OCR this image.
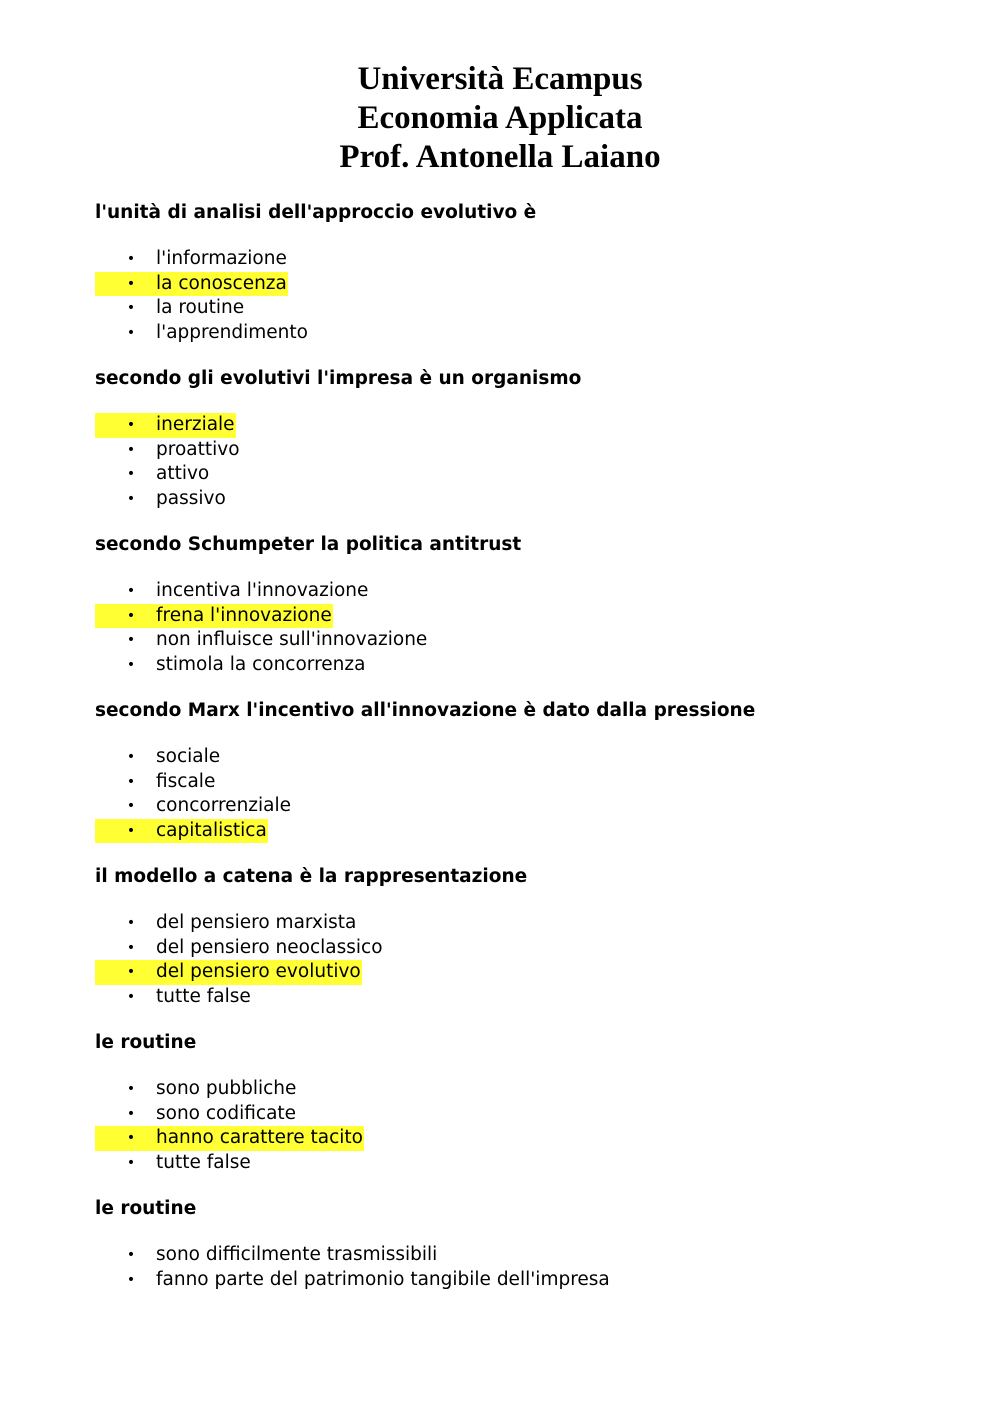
Università Ecampus
Economia Applicata
Prof. Antonella Laiano

l'unità di analisi dell'approccio evolutivo è

• l'informazione
• la conoscenza
• la routine
• l'apprendimento

secondo gli evolutivi l'impresa è un organismo

• inerziale
• proattivo
• attivo
• passivo

secondo Schumpeter la politica antitrust

• incentiva l'innovazione
• frena l'innovazione
• non influisce sull'innovazione
• stimola la concorrenza

secondo Marx l'incentivo all'innovazione è dato dalla pressione

• sociale
• fiscale
• concorrenziale
• capitalistica

il modello a catena è la rappresentazione

• del pensiero marxista
• del pensiero neoclassico
• del pensiero evolutivo
• tutte false

le routine

• sono pubbliche
• sono codificate
• hanno carattere tacito
• tutte false

le routine

• sono difficilmente trasmissibili
• fanno parte del patrimonio tangibile dell'impresa
